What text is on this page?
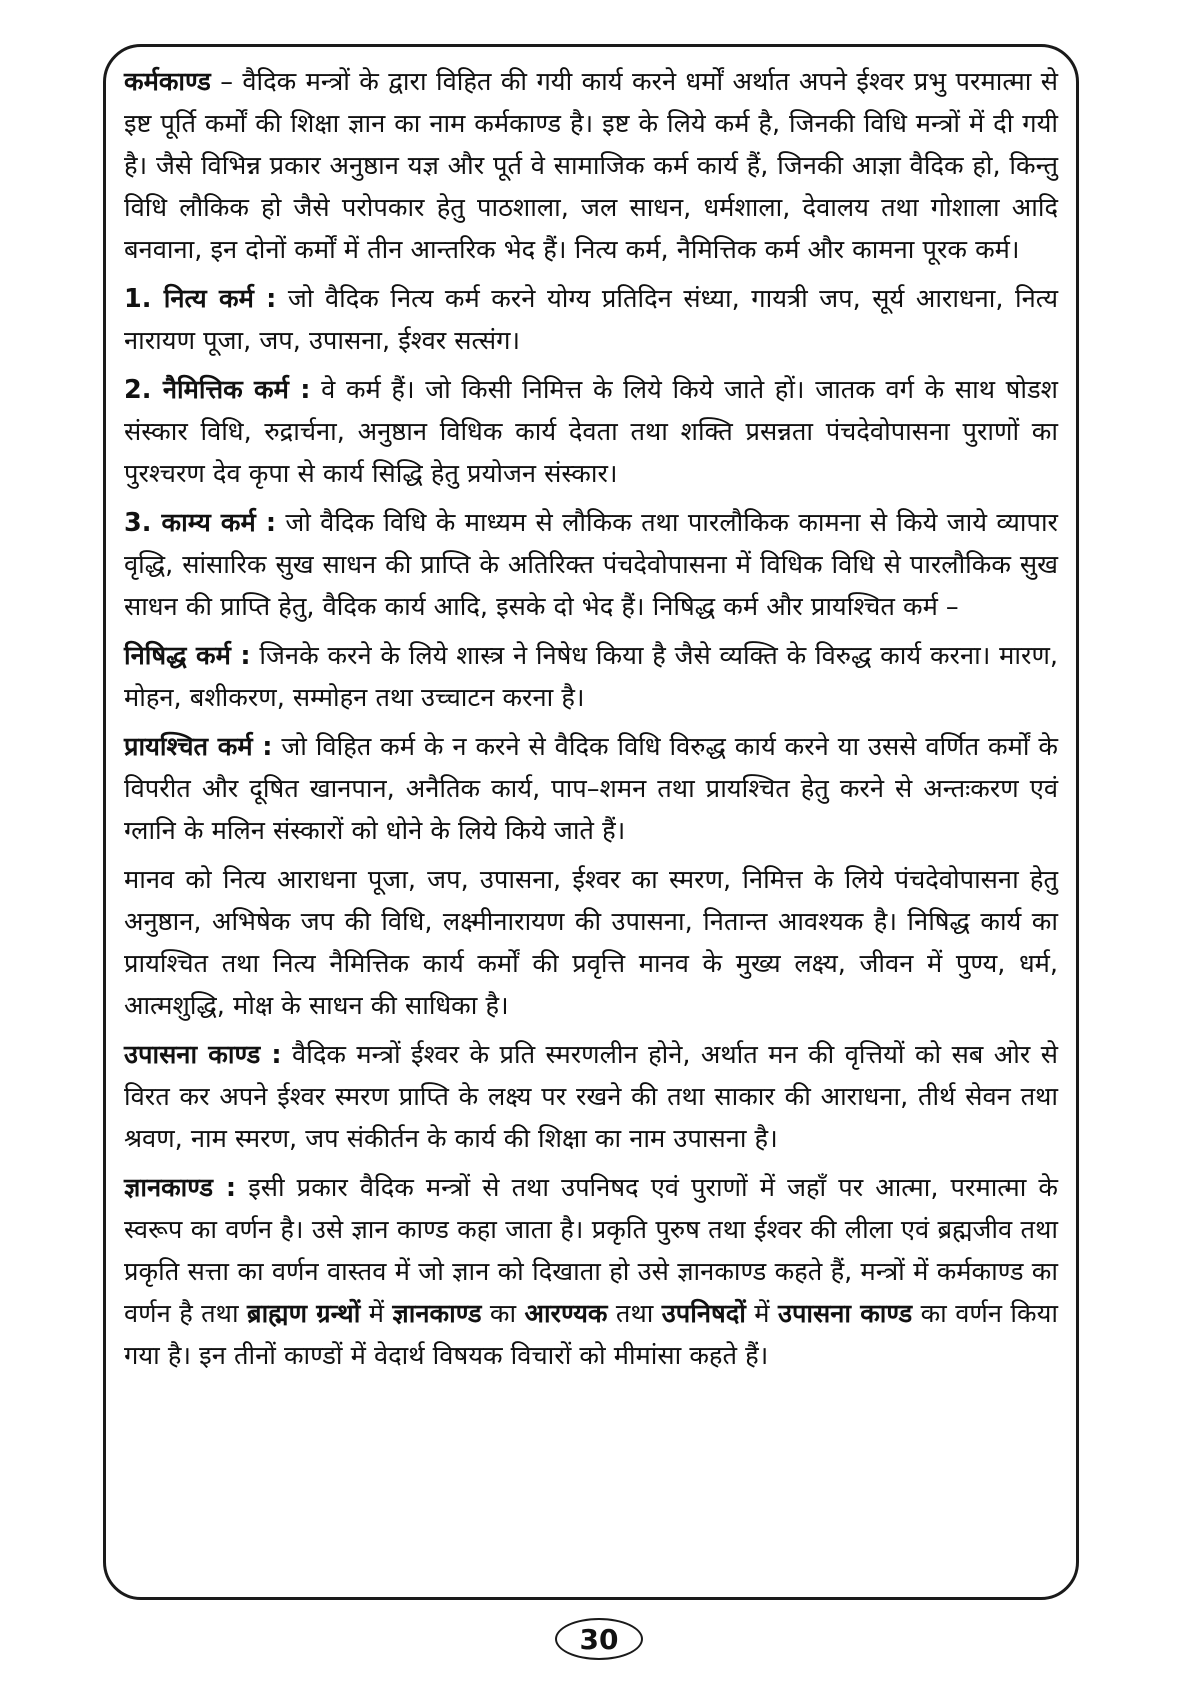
कर्मकाण्ड – वैदिक मन्त्रों के द्वारा विहित की गयी कार्य करने धर्मों अर्थात अपने ईश्वर प्रभु परमात्मा से इष्ट पूर्ति कर्मों की शिक्षा ज्ञान का नाम कर्मकाण्ड है। इष्ट के लिये कर्म है, जिनकी विधि मन्त्रों में दी गयी है। जैसे विभिन्न प्रकार अनुष्ठान यज्ञ और पूर्त वे सामाजिक कर्म कार्य हैं, जिनकी आज्ञा वैदिक हो, किन्तु विधि लौकिक हो जैसे परोपकार हेतु पाठशाला, जल साधन, धर्मशाला, देवालय तथा गोशाला आदि बनवाना, इन दोनों कर्मों में तीन आन्तरिक भेद हैं। नित्य कर्म, नैमित्तिक कर्म और कामना पूरक कर्म।

1. नित्य कर्म : जो वैदिक नित्य कर्म करने योग्य प्रतिदिन संध्या, गायत्री जप, सूर्य आराधना, नित्य नारायण पूजा, जप, उपासना, ईश्वर सत्संग।

2. नैमित्तिक कर्म : वे कर्म हैं। जो किसी निमित्त के लिये किये जाते हों। जातक वर्ग के साथ षोडश संस्कार विधि, रुद्रार्चना, अनुष्ठान विधिक कार्य देवता तथा शक्ति प्रसन्नता पंचदेवोपासना पुराणों का पुरश्चरण देव कृपा से कार्य सिद्धि हेतु प्रयोजन संस्कार।

3. काम्य कर्म : जो वैदिक विधि के माध्यम से लौकिक तथा पारलौकिक कामना से किये जाये व्यापार वृद्धि, सांसारिक सुख साधन की प्राप्ति के अतिरिक्त पंचदेवोपासना में विधिक विधि से पारलौकिक सुख साधन की प्राप्ति हेतु, वैदिक कार्य आदि, इसके दो भेद हैं। निषिद्ध कर्म और प्रायश्चित कर्म –

निषिद्ध कर्म : जिनके करने के लिये शास्त्र ने निषेध किया है जैसे व्यक्ति के विरुद्ध कार्य करना। मारण, मोहन, बशीकरण, सम्मोहन तथा उच्चाटन करना है।

प्रायश्चित कर्म : जो विहित कर्म के न करने से वैदिक विधि विरुद्ध कार्य करने या उससे वर्णित कर्मों के विपरीत और दूषित खानपान, अनैतिक कार्य, पाप–शमन तथा प्रायश्चित हेतु करने से अन्तःकरण एवं ग्लानि के मलिन संस्कारों को धोने के लिये किये जाते हैं।

मानव को नित्य आराधना पूजा, जप, उपासना, ईश्वर का स्मरण, निमित्त के लिये पंचदेवोपासना हेतु अनुष्ठान, अभिषेक जप की विधि, लक्ष्मीनारायण की उपासना, नितान्त आवश्यक है। निषिद्ध कार्य का प्रायश्चित तथा नित्य नैमित्तिक कार्य कर्मों की प्रवृत्ति मानव के मुख्य लक्ष्य, जीवन में पुण्य, धर्म, आत्मशुद्धि, मोक्ष के साधन की साधिका है।

उपासना काण्ड : वैदिक मन्त्रों ईश्वर के प्रति स्मरणलीन होने, अर्थात मन की वृत्तियों को सब ओर से विरत कर अपने ईश्वर स्मरण प्राप्ति के लक्ष्य पर रखने की तथा साकार की आराधना, तीर्थ सेवन तथा श्रवण, नाम स्मरण, जप संकीर्तन के कार्य की शिक्षा का नाम उपासना है।

ज्ञानकाण्ड : इसी प्रकार वैदिक मन्त्रों से तथा उपनिषद एवं पुराणों में जहाँ पर आत्मा, परमात्मा के स्वरूप का वर्णन है। उसे ज्ञान काण्ड कहा जाता है। प्रकृति पुरुष तथा ईश्वर की लीला एवं ब्रह्मजीव तथा प्रकृति सत्ता का वर्णन वास्तव में जो ज्ञान को दिखाता हो उसे ज्ञानकाण्ड कहते हैं, मन्त्रों में कर्मकाण्ड का वर्णन है तथा ब्राह्मण ग्रन्थों में ज्ञानकाण्ड का आरण्यक तथा उपनिषदों में उपासना काण्ड का वर्णन किया गया है। इन तीनों काण्डों में वेदार्थ विषयक विचारों को मीमांसा कहते हैं।

30
